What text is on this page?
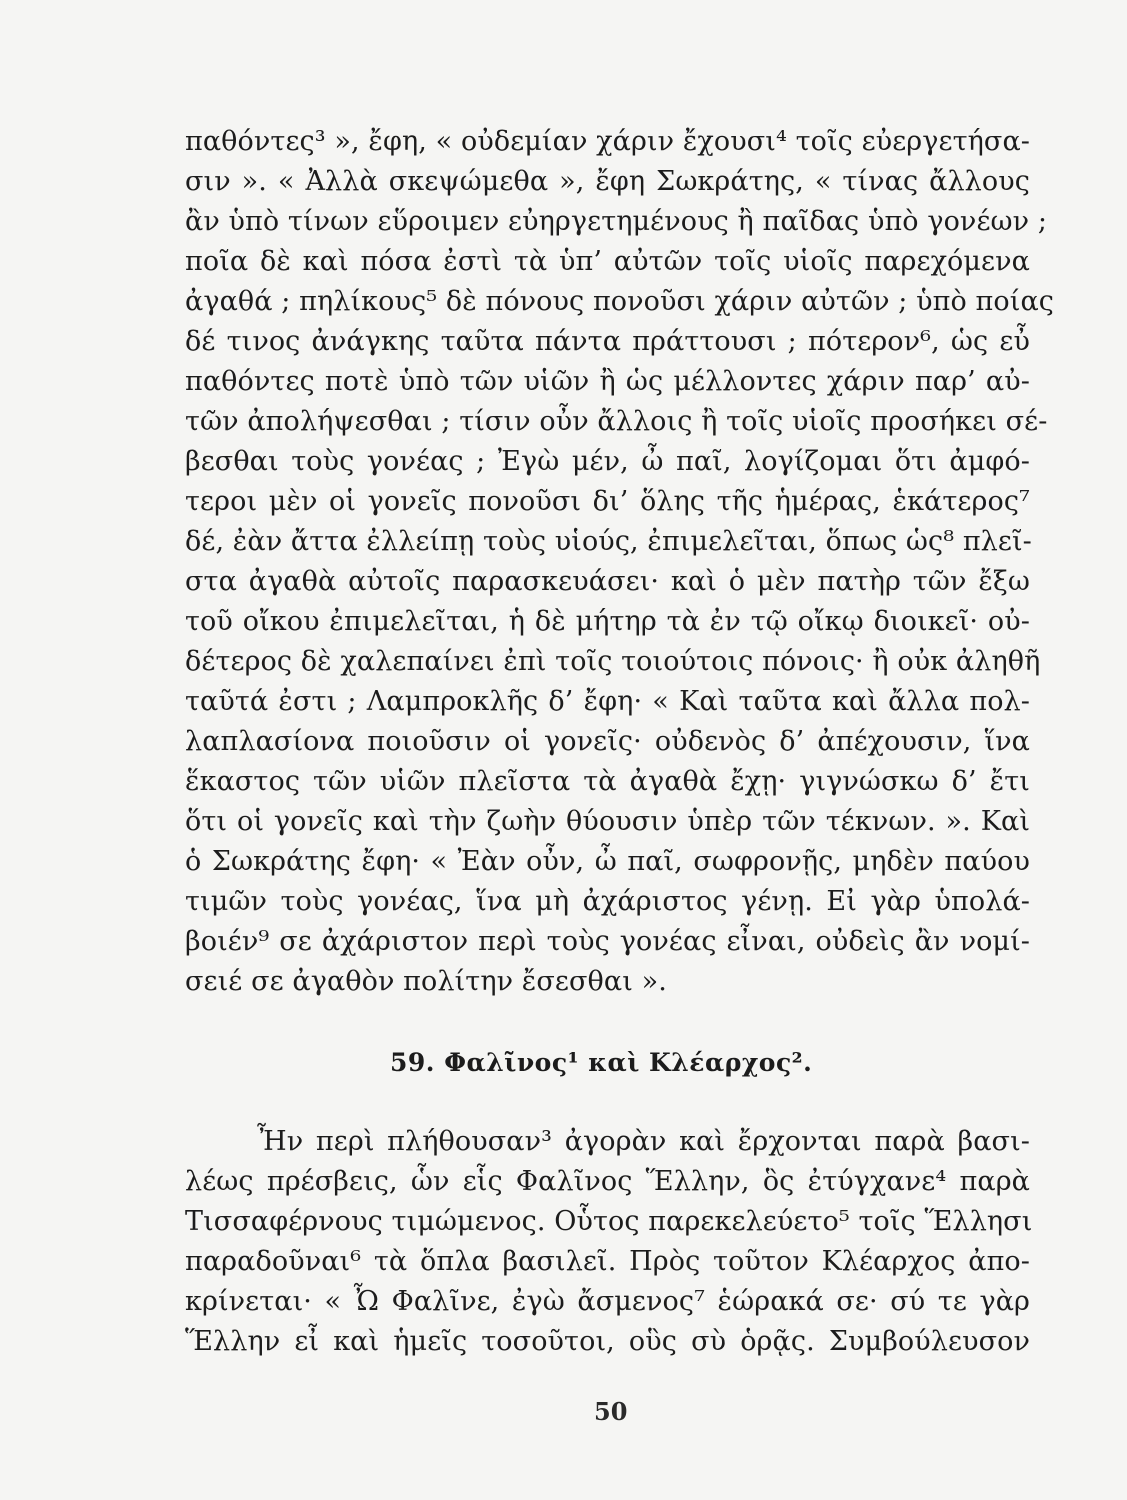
παθόντες³ », ἔφη, « οὐδεμίαν χάριν ἔχουσι⁴ τοῖς εὐεργετήσα-
σιν ». « Ἀλλὰ σκεψώμεθα », ἔφη Σωκράτης, « τίνας ἄλλους
ἂν ὑπὸ τίνων εὕροιμεν εὐηργετημένους ἢ παῖδας ὑπὸ γονέων ;
ποῖα δὲ καὶ πόσα ἐστὶ τὰ ὑπ’ αὐτῶν τοῖς υἱοῖς παρεχόμενα
ἀγαθά ; πηλίκους⁵ δὲ πόνους πονοῦσι χάριν αὐτῶν ; ὑπὸ ποίας
δέ τινος ἀνάγκης ταῦτα πάντα πράττουσι ; πότερον⁶, ὡς εὖ
παθόντες ποτὲ ὑπὸ τῶν υἱῶν ἢ ὡς μέλλοντες χάριν παρ’ αὐ-
τῶν ἀπολήψεσθαι ; τίσιν οὖν ἄλλοις ἢ τοῖς υἱοῖς προσήκει σέ-
βεσθαι τοὺς γονέας ; Ἐγὼ μέν, ὦ παῖ, λογίζομαι ὅτι ἀμφό-
τεροι μὲν οἱ γονεῖς πονοῦσι δι’ ὅλης τῆς ἡμέρας, ἑκάτερος⁷
δέ, ἐὰν ἄττα ἐλλείπῃ τοὺς υἱούς, ἐπιμελεῖται, ὅπως ὡς⁸ πλεῖ-
στα ἀγαθὰ αὐτοῖς παρασκευάσει· καὶ ὁ μὲν πατὴρ τῶν ἔξω
τοῦ οἴκου ἐπιμελεῖται, ἡ δὲ μήτηρ τὰ ἐν τῷ οἴκῳ διοικεῖ· οὐ-
δέτερος δὲ χαλεπαίνει ἐπὶ τοῖς τοιούτοις πόνοις· ἢ οὐκ ἀληθῆ
ταῦτά ἐστι ; Λαμπροκλῆς δ’ ἔφη· « Καὶ ταῦτα καὶ ἄλλα πολ-
λαπλασίονα ποιοῦσιν οἱ γονεῖς· οὐδενὸς δ’ ἀπέχουσιν, ἵνα
ἕκαστος τῶν υἱῶν πλεῖστα τὰ ἀγαθὰ ἔχῃ· γιγνώσκω δ’ ἔτι
ὅτι οἱ γονεῖς καὶ τὴν ζωὴν θύουσιν ὑπὲρ τῶν τέκνων. ». Καὶ
ὁ Σωκράτης ἔφη· « Ἐὰν οὖν, ὦ παῖ, σωφρονῇς, μηδὲν παύου
τιμῶν τοὺς γονέας, ἵνα μὴ ἀχάριστος γένῃ. Εἰ γὰρ ὑπολά-
βοιέν⁹ σε ἀχάριστον περὶ τοὺς γονέας εἶναι, οὐδεὶς ἂν νομί-
σειέ σε ἀγαθὸν πολίτην ἔσεσθαι ».
59. Φαλῖνος¹ καὶ Κλέαρχος².
Ἦν περὶ πλήθουσαν³ ἀγορὰν καὶ ἔρχονται παρὰ βασι-
λέως πρέσβεις, ὧν εἷς Φαλῖνος Ἕλλην, ὃς ἐτύγχανε⁴ παρὰ
Τισσαφέρνους τιμώμενος. Οὗτος παρεκελεύετο⁵ τοῖς Ἕλλησι
παραδοῦναι⁶ τὰ ὅπλα βασιλεῖ. Πρὸς τοῦτον Κλέαρχος ἀπο-
κρίνεται· « Ὦ Φαλῖνε, ἐγὼ ἄσμενος⁷ ἑώρακά σε· σύ τε γὰρ
Ἕλλην εἶ καὶ ἡμεῖς τοσοῦτοι, οὓς σὺ ὁρᾷς. Συμβούλευσον
50
